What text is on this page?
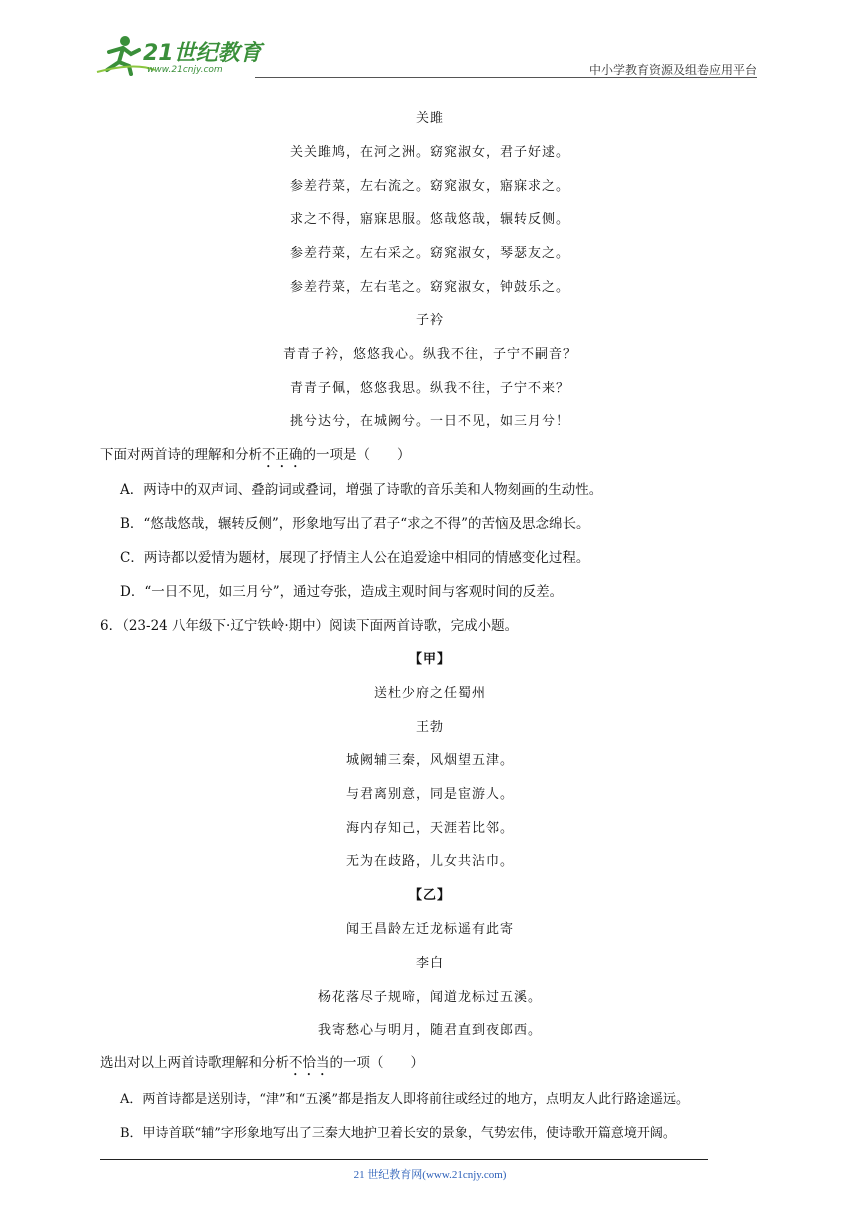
21世纪教育
www.21cnjy.com	中小学教育资源及组卷应用平台
关雎
关关雎鸠，在河之洲。窈窕淑女，君子好逑。
参差荇菜，左右流之。窈窕淑女，寤寐求之。
求之不得，寤寐思服。悠哉悠哉，辗转反侧。
参差荇菜，左右采之。窈窕淑女，琴瑟友之。
参差荇菜，左右芼之。窈窕淑女，钟鼓乐之。
子衿
青青子衿，悠悠我心。纵我不往，子宁不嗣音？
青青子佩，悠悠我思。纵我不往，子宁不来？
挑兮达兮，在城阙兮。一日不见，如三月兮！
下面对两首诗的理解和分析不正确的一项是（　　）
A．两诗中的双声词、叠韵词或叠词，增强了诗歌的音乐美和人物刻画的生动性。
B．“悠哉悠哉，辗转反侧”，形象地写出了君子“求之不得”的苦恼及思念绵长。
C．两诗都以爱情为题材，展现了抒情主人公在追爱途中相同的情感变化过程。
D．“一日不见，如三月兮”，通过夸张，造成主观时间与客观时间的反差。
6．（23-24 八年级下·辽宁铁岭·期中）阅读下面两首诗歌，完成小题。
【甲】
送杜少府之任蜀州
王勃
城阙辅三秦，风烟望五津。
与君离别意，同是宦游人。
海内存知己，天涯若比邻。
无为在歧路，儿女共沾巾。
【乙】
闻王昌龄左迁龙标遥有此寄
李白
杨花落尽子规啼，闻道龙标过五溪。
我寄愁心与明月，随君直到夜郎西。
选出对以上两首诗歌理解和分析不恰当的一项（　　）
A．两首诗都是送别诗，“津”和“五溪”都是指友人即将前往或经过的地方，点明友人此行路途遥远。
B．甲诗首联“辅”字形象地写出了三秦大地护卫着长安的景象，气势宏伟，使诗歌开篇意境开阔。
21 世纪教育网(www.21cnjy.com)
